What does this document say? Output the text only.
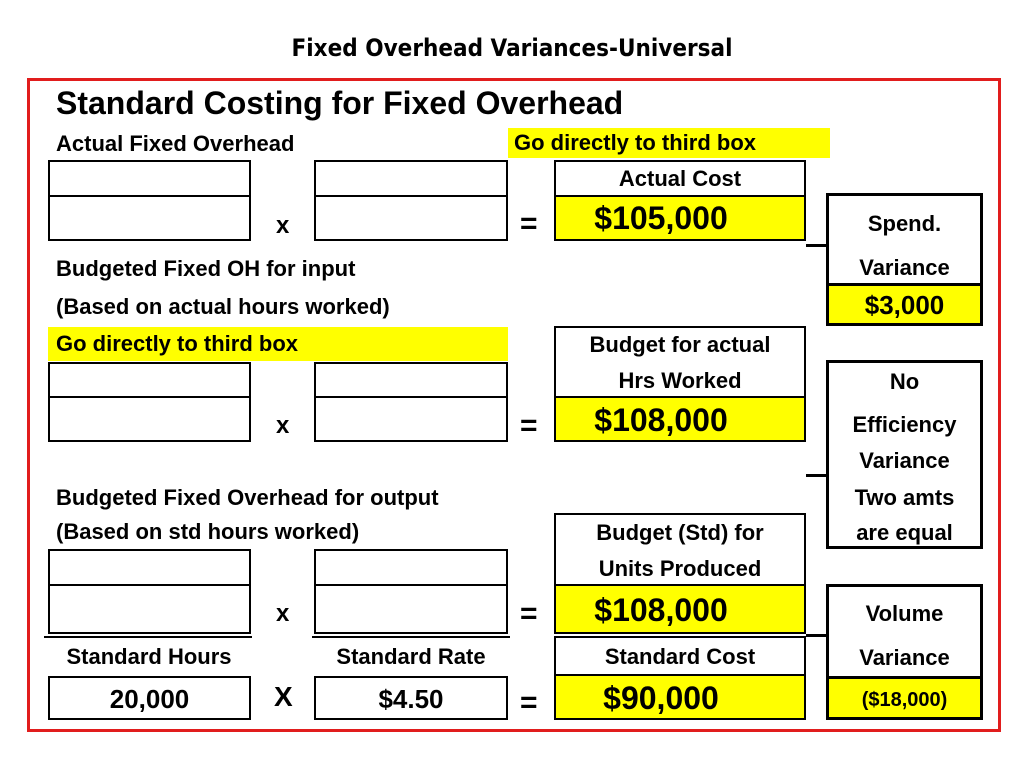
Fixed Overhead Variances-Universal
Standard Costing for Fixed Overhead
Actual Fixed Overhead	Go directly to third box
x	=
Actual Cost
$105,000
Budgeted Fixed OH for input
(Based on actual hours worked)
Go directly to third box
x	=
Budget for actual
Hrs Worked
$108,000
Budgeted Fixed Overhead for output
(Based on std hours worked)
x	=
Budget (Std) for
Units Produced
$108,000
Standard Hours	Standard Rate	Standard Cost
20,000	X	$4.50	=	$90,000
Spend.
Variance
$3,000
No
Efficiency
Variance
Two amts
are equal
Volume
Variance
($18,000)
